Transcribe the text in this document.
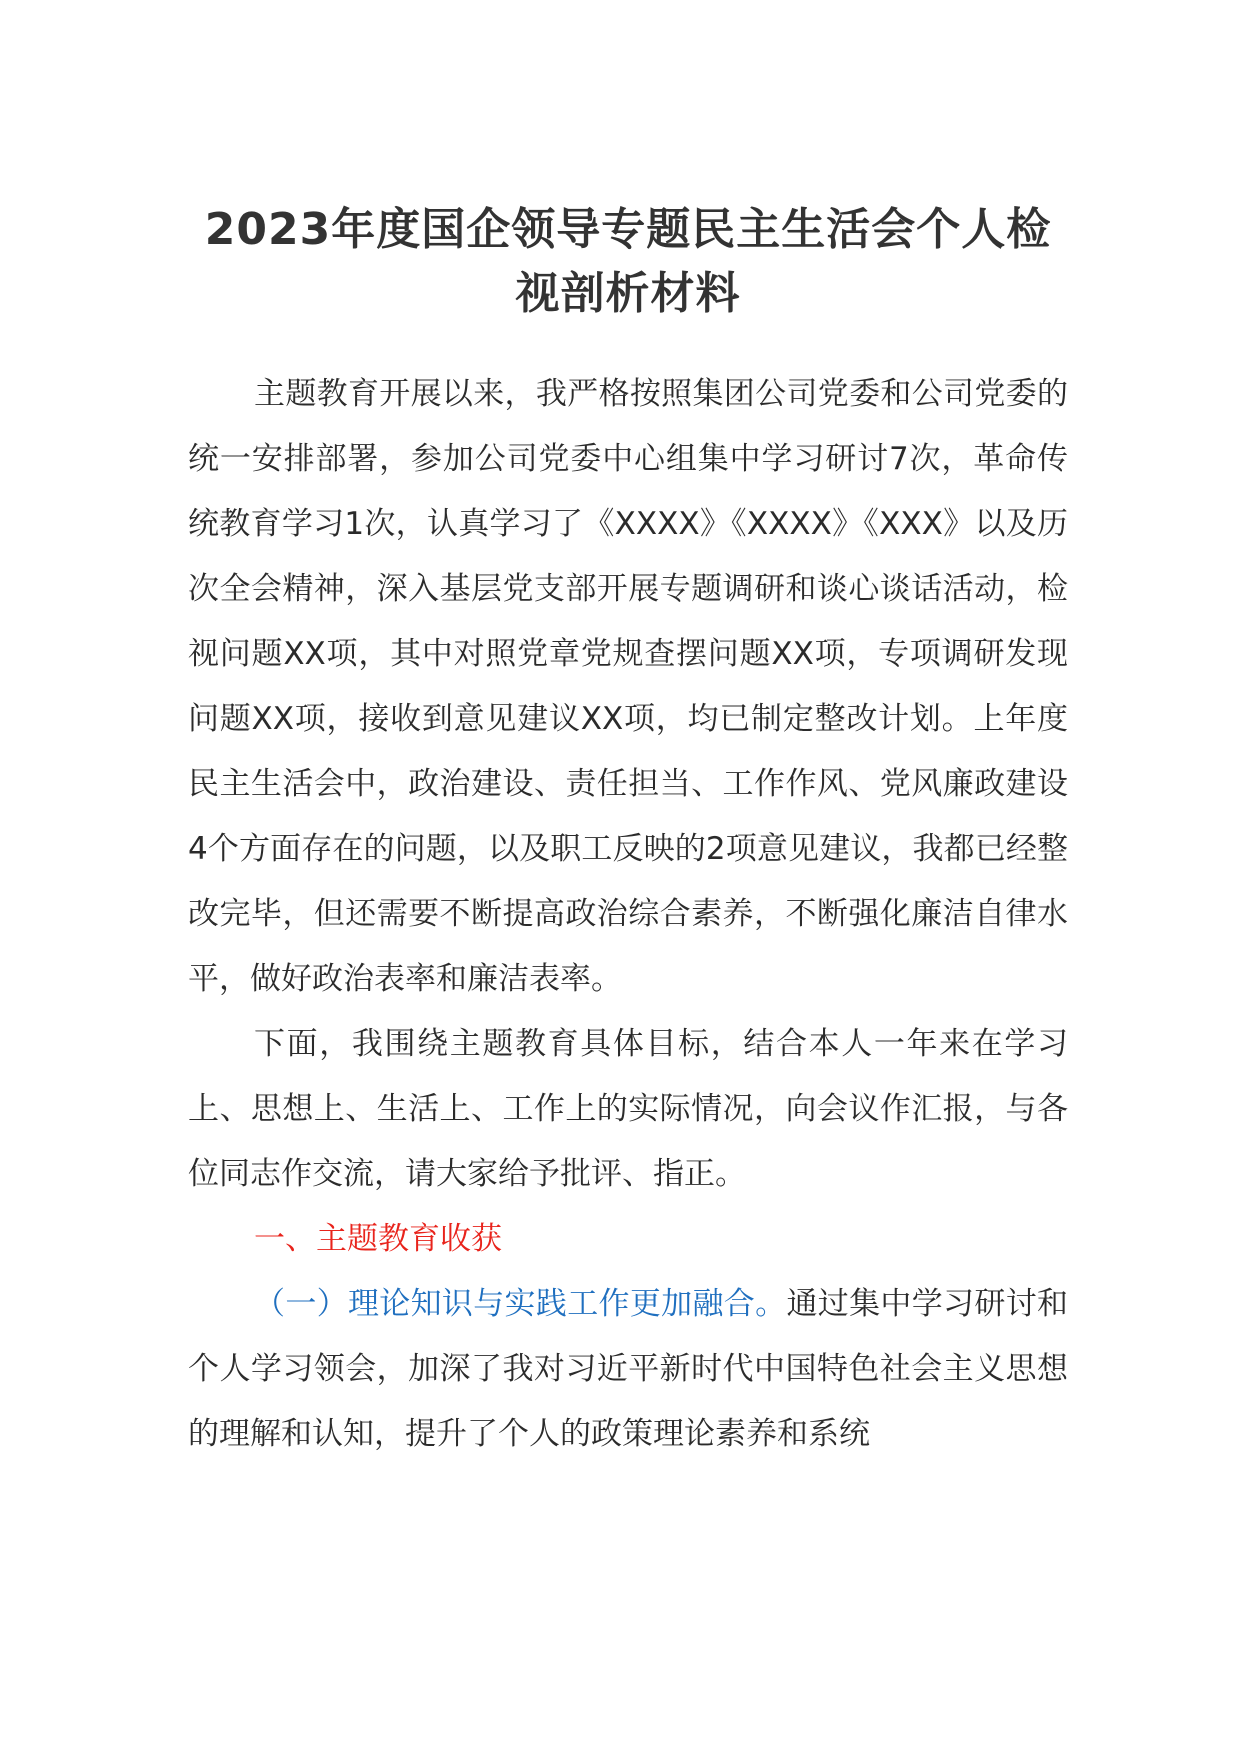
2023年度国企领导专题民主生活会个人检视剖析材料

主题教育开展以来，我严格按照集团公司党委和公司党委的统一安排部署，参加公司党委中心组集中学习研讨7次，革命传统教育学习1次，认真学习了《XXXX》《XXXX》《XXX》以及历次全会精神，深入基层党支部开展专题调研和谈心谈话活动，检视问题XX项，其中对照党章党规查摆问题XX项，专项调研发现问题XX项，接收到意见建议XX项，均已制定整改计划。上年度民主生活会中，政治建设、责任担当、工作作风、党风廉政建设4个方面存在的问题，以及职工反映的2项意见建议，我都已经整改完毕，但还需要不断提高政治综合素养，不断强化廉洁自律水平，做好政治表率和廉洁表率。

下面，我围绕主题教育具体目标，结合本人一年来在学习上、思想上、生活上、工作上的实际情况，向会议作汇报，与各位同志作交流，请大家给予批评、指正。

一、主题教育收获

（一）理论知识与实践工作更加融合。通过集中学习研讨和个人学习领会，加深了我对习近平新时代中国特色社会主义思想的理解和认知，提升了个人的政策理论素养和系统
